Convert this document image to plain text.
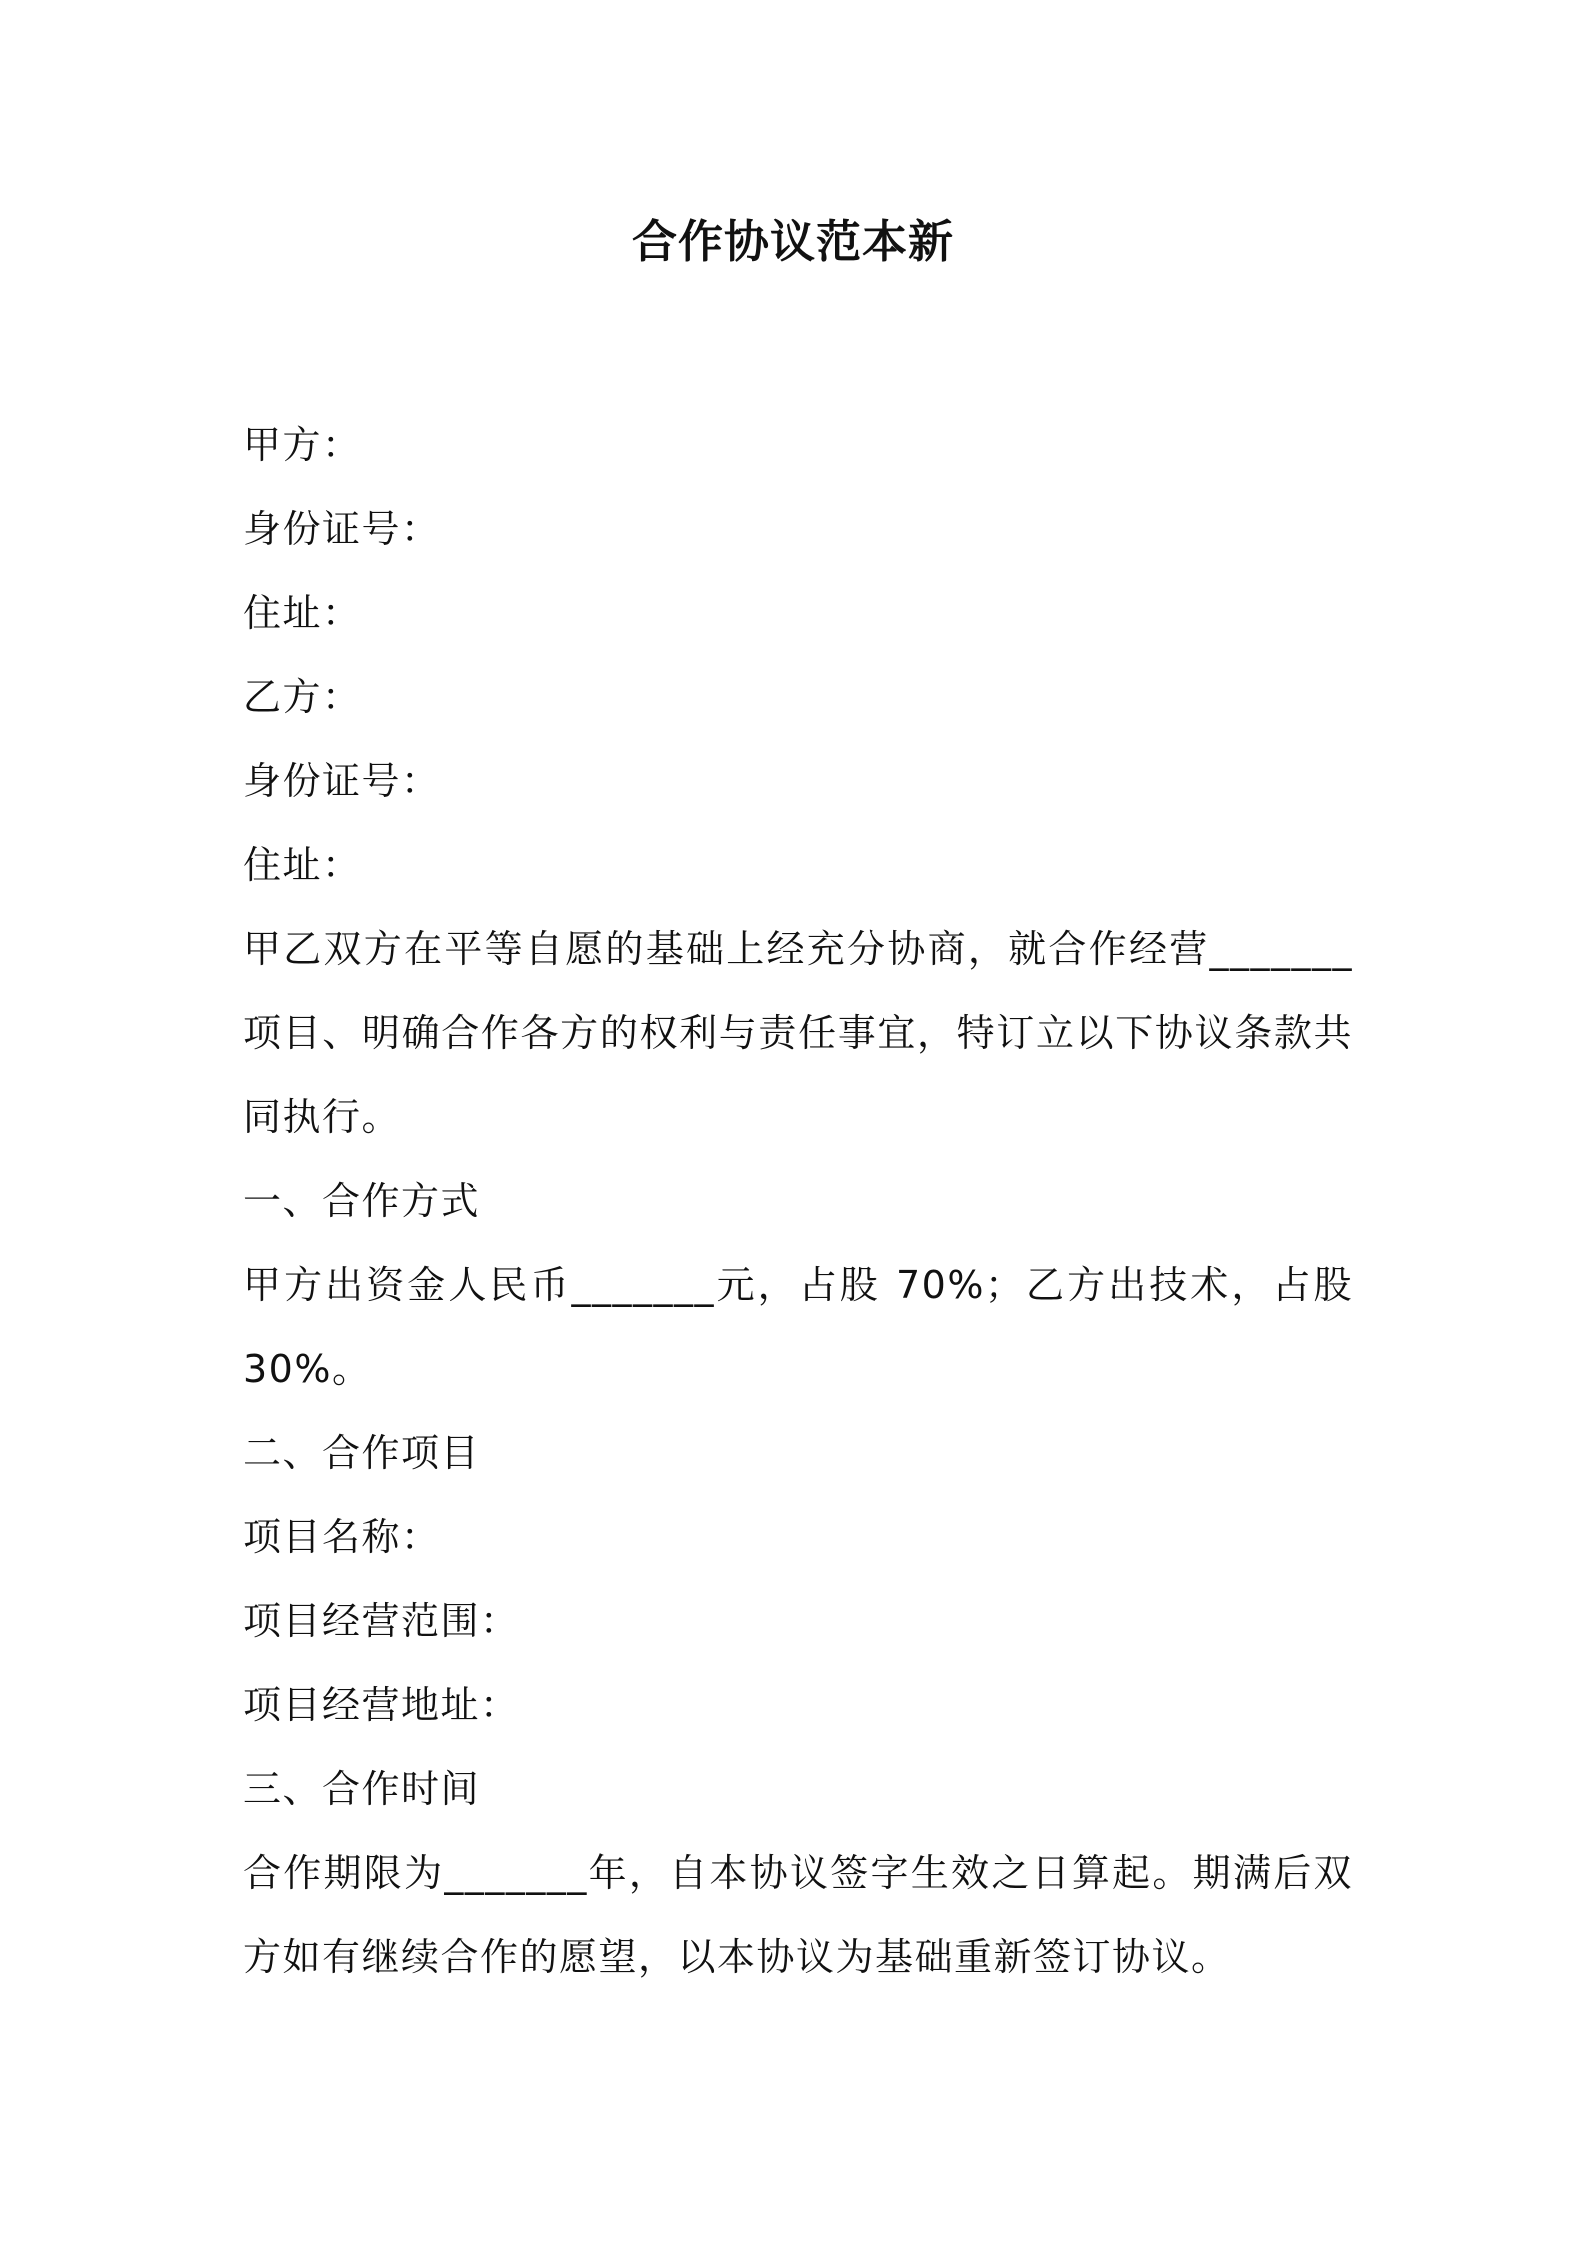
合作协议范本新
甲方：
身份证号：
住址：
乙方：
身份证号：
住址：
甲乙双方在平等自愿的基础上经充分协商，就合作经营_______
项目、明确合作各方的权利与责任事宜，特订立以下协议条款共
同执行。
一、合作方式
甲方出资金人民币_______元，占股 70%；乙方出技术，占股
30%。
二、合作项目
项目名称：
项目经营范围：
项目经营地址：
三、合作时间
合作期限为_______年，自本协议签字生效之日算起。期满后双
方如有继续合作的愿望，以本协议为基础重新签订协议。
